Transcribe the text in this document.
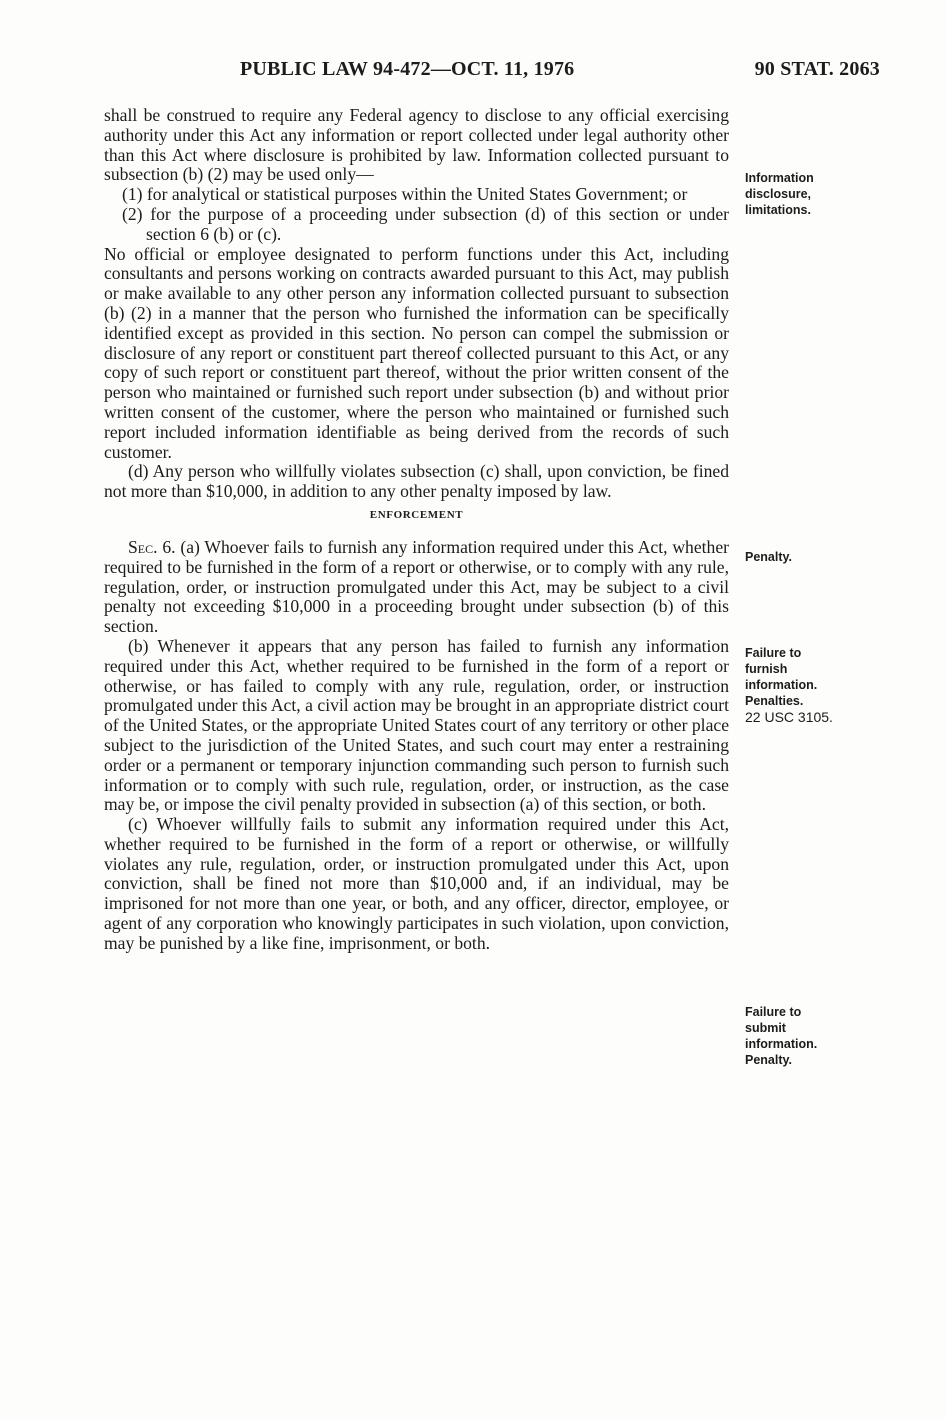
PUBLIC LAW 94-472—OCT. 11, 1976	90 STAT. 2063

shall be construed to require any Federal agency to disclose to any official exercising authority under this Act any information or report collected under legal authority other than this Act where disclosure is prohibited by law. Information collected pursuant to subsection (b) (2) may be used only—

(1) for analytical or statistical purposes within the United States Government; or

(2) for the purpose of a proceeding under subsection (d) of this section or under section 6 (b) or (c).

No official or employee designated to perform functions under this Act, including consultants and persons working on contracts awarded pursuant to this Act, may publish or make available to any other person any information collected pursuant to subsection (b) (2) in a manner that the person who furnished the information can be specifically identified except as provided in this section. No person can compel the submission or disclosure of any report or constituent part thereof collected pursuant to this Act, or any copy of such report or constituent part thereof, without the prior written consent of the person who maintained or furnished such report under subsection (b) and without prior written consent of the customer, where the person who maintained or furnished such report included information identifiable as being derived from the records of such customer.

(d) Any person who willfully violates subsection (c) shall, upon conviction, be fined not more than $10,000, in addition to any other penalty imposed by law.

ENFORCEMENT

Sec. 6. (a) Whoever fails to furnish any information required under this Act, whether required to be furnished in the form of a report or otherwise, or to comply with any rule, regulation, order, or instruction promulgated under this Act, may be subject to a civil penalty not exceeding $10,000 in a proceeding brought under subsection (b) of this section.

(b) Whenever it appears that any person has failed to furnish any information required under this Act, whether required to be furnished in the form of a report or otherwise, or has failed to comply with any rule, regulation, order, or instruction promulgated under this Act, a civil action may be brought in an appropriate district court of the United States, or the appropriate United States court of any territory or other place subject to the jurisdiction of the United States, and such court may enter a restraining order or a permanent or temporary injunction commanding such person to furnish such information or to comply with such rule, regulation, order, or instruction, as the case may be, or impose the civil penalty provided in subsection (a) of this section, or both.

(c) Whoever willfully fails to submit any information required under this Act, whether required to be furnished in the form of a report or otherwise, or willfully violates any rule, regulation, order, or instruction promulgated under this Act, upon conviction, shall be fined not more than $10,000 and, if an individual, may be imprisoned for not more than one year, or both, and any officer, director, employee, or agent of any corporation who knowingly participates in such violation, upon conviction, may be punished by a like fine, imprisonment, or both.

Information
disclosure,
limitations.
Penalty.
Failure to
furnish
information.
Penalties.
22 USC 3105.
Failure to
submit
information.
Penalty.
